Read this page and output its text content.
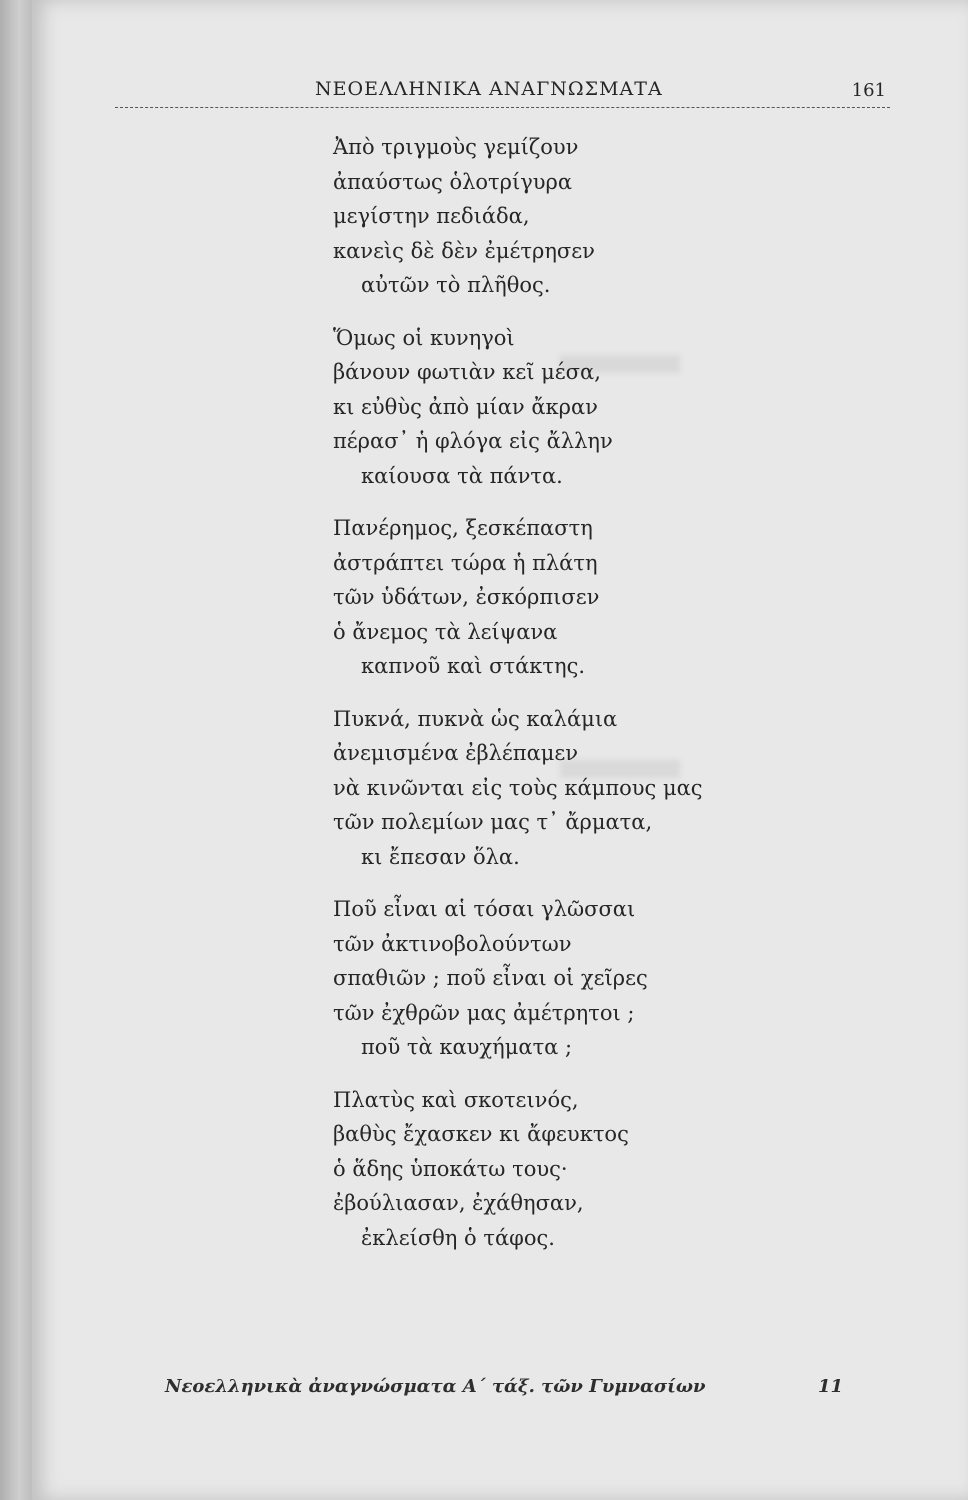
ΝΕΟΕΛΛΗΝΙΚΑ ΑΝΑΓΝΩΣΜΑΤΑ	161
Ἀπὸ τριγμοὺς γεμίζουν
ἀπαύστως ὁλοτρίγυρα
μεγίστην πεδιάδα,
κανεὶς δὲ δὲν ἐμέτρησεν
αὐτῶν τὸ πλῆθος.
Ὅμως οἱ κυνηγοὶ
βάνουν φωτιὰν κεῖ μέσα,
κι εὐθὺς ἀπὸ μίαν ἄκραν
πέρασ᾽ ἡ φλόγα εἰς ἄλλην
καίουσα τὰ πάντα.
Πανέρημος, ξεσκέπαστη
ἀστράπτει τώρα ἡ πλάτη
τῶν ὑδάτων, ἐσκόρπισεν
ὁ ἄνεμος τὰ λείψανα
καπνοῦ καὶ στάκτης.
Πυκνά, πυκνὰ ὡς καλάμια
ἀνεμισμένα ἐβλέπαμεν
νὰ κινῶνται εἰς τοὺς κάμπους μας
τῶν πολεμίων μας τ᾽ ἄρματα,
κι ἔπεσαν ὅλα.
Ποῦ εἶναι αἱ τόσαι γλῶσσαι
τῶν ἀκτινοβολούντων
σπαθιῶν ; ποῦ εἶναι οἱ χεῖρες
τῶν ἐχθρῶν μας ἀμέτρητοι ;
ποῦ τὰ καυχήματα ;
Πλατὺς καὶ σκοτεινός,
βαθὺς ἔχασκεν κι ἄφευκτος
ὁ ἅδης ὑποκάτω τους·
ἐβούλιασαν, ἐχάθησαν,
ἐκλείσθη ὁ τάφος.
Νεοελληνικὰ ἀναγνώσματα Α΄ τάξ. τῶν Γυμνασίων	11
